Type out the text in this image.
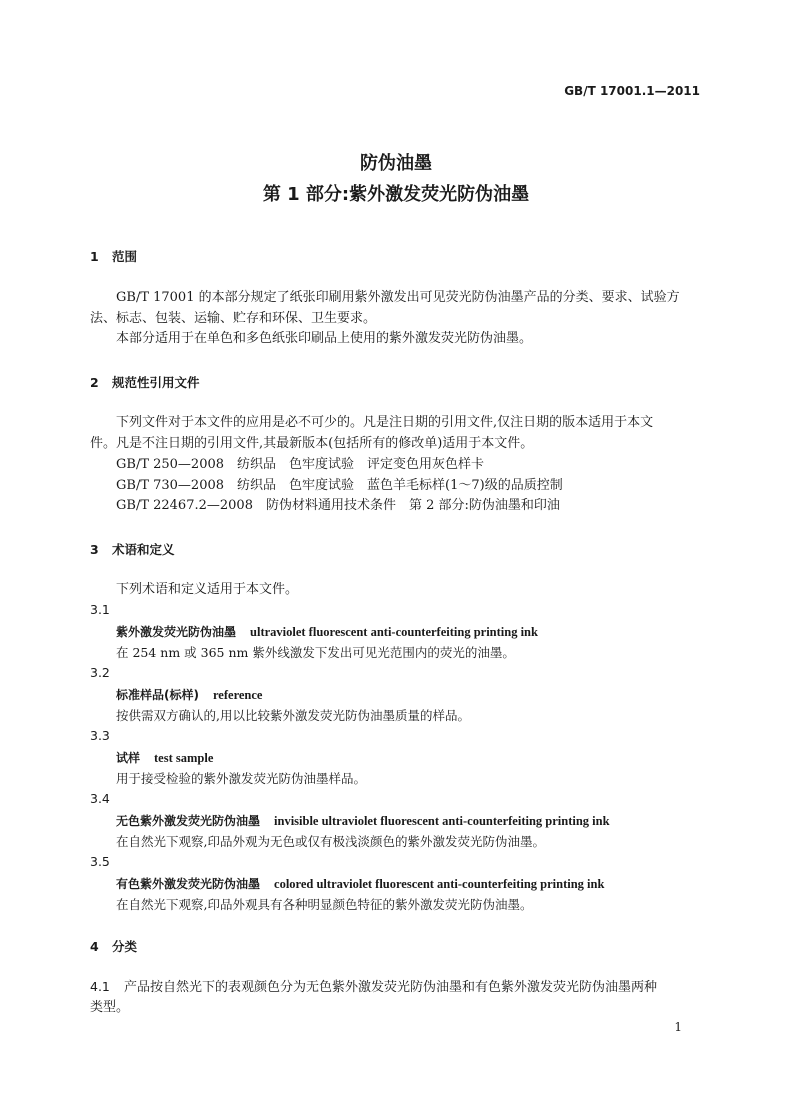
GB/T 17001.1—2011
防伪油墨
第 1 部分:紫外激发荧光防伪油墨
1 范围
GB/T 17001 的本部分规定了纸张印刷用紫外激发出可见荧光防伪油墨产品的分类、要求、试验方
法、标志、包装、运输、贮存和环保、卫生要求。
本部分适用于在单色和多色纸张印刷品上使用的紫外激发荧光防伪油墨。
2 规范性引用文件
下列文件对于本文件的应用是必不可少的。凡是注日期的引用文件,仅注日期的版本适用于本文
件。凡是不注日期的引用文件,其最新版本(包括所有的修改单)适用于本文件。
GB/T 250—2008　纺织品　色牢度试验　评定变色用灰色样卡
GB/T 730—2008　纺织品　色牢度试验　蓝色羊毛标样(1～7)级的品质控制
GB/T 22467.2—2008　防伪材料通用技术条件　第 2 部分:防伪油墨和印油
3 术语和定义
下列术语和定义适用于本文件。
3.1
紫外激发荧光防伪油墨 ultraviolet fluorescent anti-counterfeiting printing ink
在 254 nm 或 365 nm 紫外线激发下发出可见光范围内的荧光的油墨。
3.2
标准样品(标样) reference
按供需双方确认的,用以比较紫外激发荧光防伪油墨质量的样品。
3.3
试样 test sample
用于接受检验的紫外激发荧光防伪油墨样品。
3.4
无色紫外激发荧光防伪油墨 invisible ultraviolet fluorescent anti-counterfeiting printing ink
在自然光下观察,印品外观为无色或仅有极浅淡颜色的紫外激发荧光防伪油墨。
3.5
有色紫外激发荧光防伪油墨 colored ultraviolet fluorescent anti-counterfeiting printing ink
在自然光下观察,印品外观具有各种明显颜色特征的紫外激发荧光防伪油墨。
4 分类
4.1 产品按自然光下的表观颜色分为无色紫外激发荧光防伪油墨和有色紫外激发荧光防伪油墨两种
类型。
1
